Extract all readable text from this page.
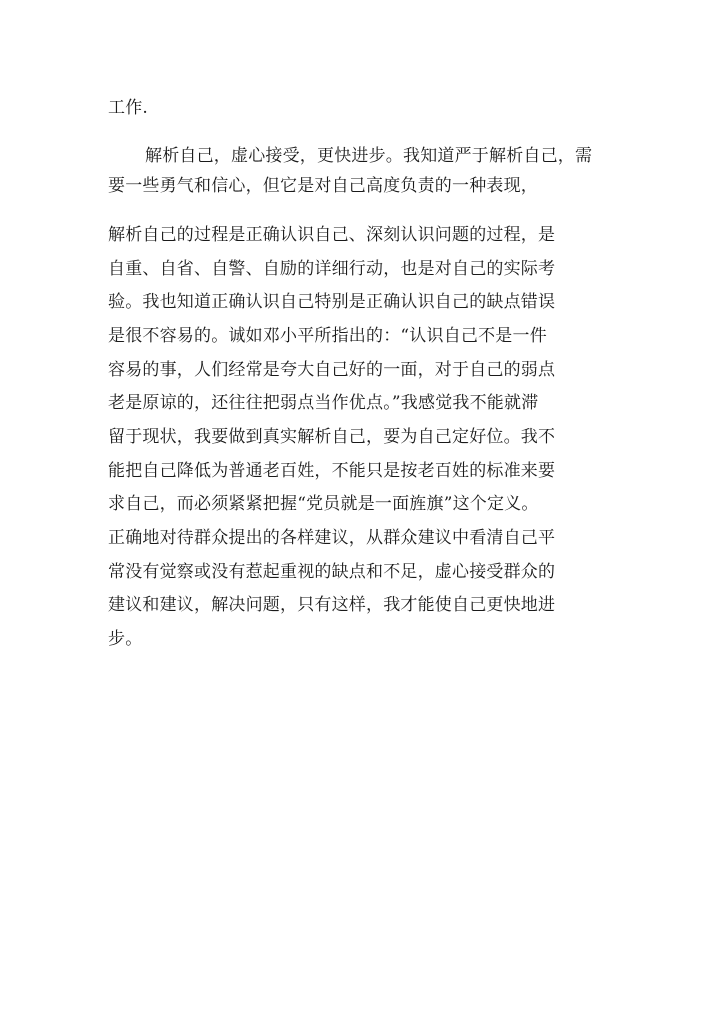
工作.
解析自己，虚心接受，更快进步。我知道严于解析自己，需
要一些勇气和信心，但它是对自己高度负责的一种表现，
解析自己的过程是正确认识自己、深刻认识问题的过程，是
自重、自省、自警、自励的详细行动，也是对自己的实际考
验。我也知道正确认识自己特别是正确认识自己的缺点错误
是很不容易的。诚如邓小平所指出的：“认识自己不是一件
容易的事，人们经常是夸大自己好的一面，对于自己的弱点
老是原谅的，还往往把弱点当作优点。”我感觉我不能就滞
留于现状，我要做到真实解析自己，要为自己定好位。我不
能把自己降低为普通老百姓，不能只是按老百姓的标准来要
求自己，而必须紧紧把握“党员就是一面旌旗”这个定义。
正确地对待群众提出的各样建议，从群众建议中看清自己平
常没有觉察或没有惹起重视的缺点和不足，虚心接受群众的
建议和建议，解决问题，只有这样，我才能使自己更快地进
步。
